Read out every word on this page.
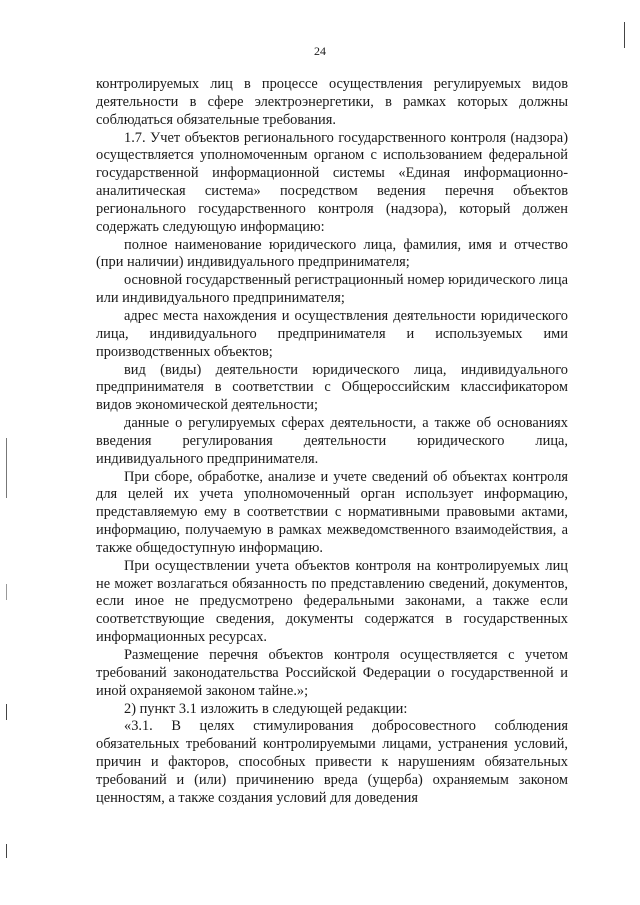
24

контролируемых лиц в процессе осуществления регулируемых видов деятельности в сфере электроэнергетики, в рамках которых должны соблюдаться обязательные требования.

1.7. Учет объектов регионального государственного контроля (надзора) осуществляется уполномоченным органом с использованием федеральной государственной информационной системы «Единая информационно-аналитическая система» посредством ведения перечня объектов регионального государственного контроля (надзора), который должен содержать следующую информацию:

полное наименование юридического лица, фамилия, имя и отчество (при наличии) индивидуального предпринимателя;

основной государственный регистрационный номер юридического лица или индивидуального предпринимателя;

адрес места нахождения и осуществления деятельности юридического лица, индивидуального предпринимателя и используемых ими производственных объектов;

вид (виды) деятельности юридического лица, индивидуального предпринимателя в соответствии с Общероссийским классификатором видов экономической деятельности;

данные о регулируемых сферах деятельности, а также об основаниях введения регулирования деятельности юридического лица, индивидуального предпринимателя.

При сборе, обработке, анализе и учете сведений об объектах контроля для целей их учета уполномоченный орган использует информацию, представляемую ему в соответствии с нормативными правовыми актами, информацию, получаемую в рамках межведомственного взаимодействия, а также общедоступную информацию.

При осуществлении учета объектов контроля на контролируемых лиц не может возлагаться обязанность по представлению сведений, документов, если иное не предусмотрено федеральными законами, а также если соответствующие сведения, документы содержатся в государственных информационных ресурсах.

Размещение перечня объектов контроля осуществляется с учетом требований законодательства Российской Федерации о государственной и иной охраняемой законом тайне.»;

2) пункт 3.1 изложить в следующей редакции:

«3.1. В целях стимулирования добросовестного соблюдения обязательных требований контролируемыми лицами, устранения условий, причин и факторов, способных привести к нарушениям обязательных требований и (или) причинению вреда (ущерба) охраняемым законом ценностям, а также создания условий для доведения
